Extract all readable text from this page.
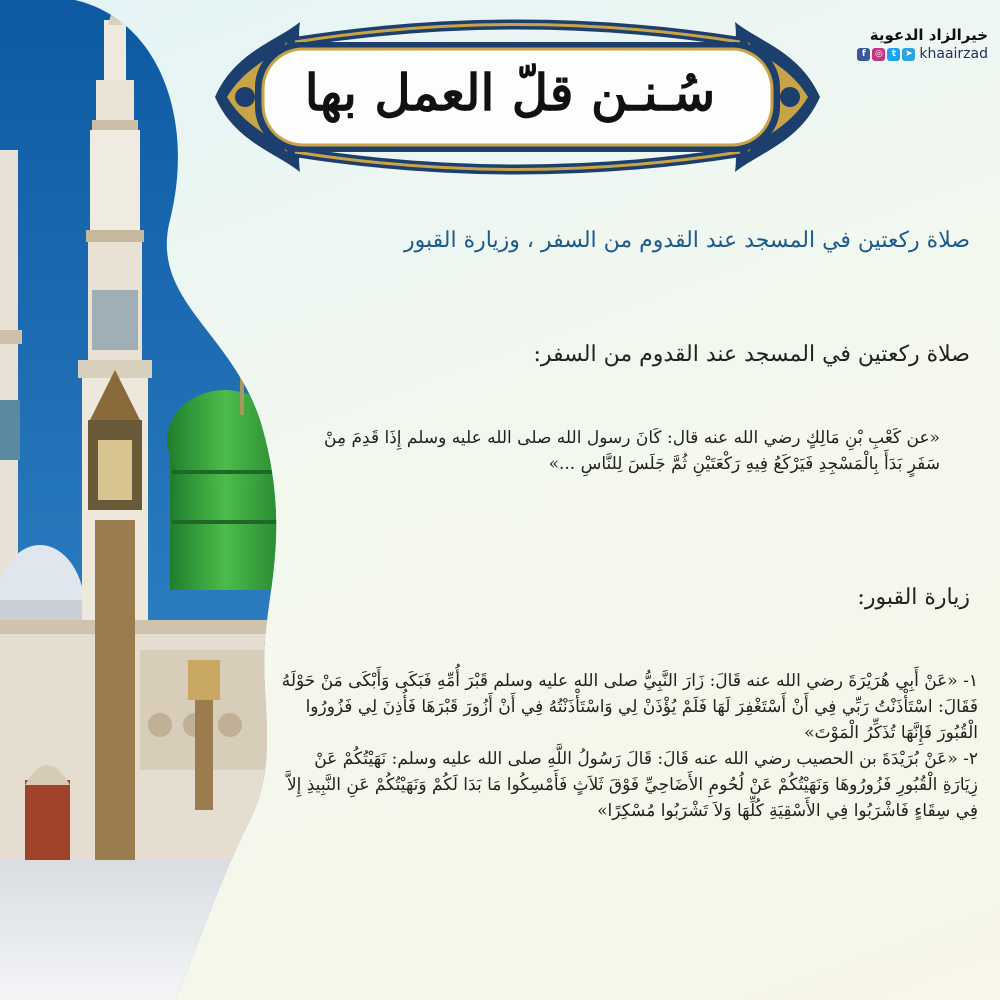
سُـنـن قلّ العمل بها
خيرالزاد الدعوية
f	◎ t	➤ khaairzad
صلاة ركعتين في المسجد عند القدوم من السفر ، وزيارة القبور
صلاة ركعتين في المسجد عند القدوم من السفر:
«عن كَعْبِ بْنِ مَالِكٍ رضي الله عنه قال: كَانَ رسول الله صلى الله عليه وسلم إِذَا قَدِمَ مِنْ سَفَرٍ بَدَأَ بِالْمَسْجِدِ فَيَرْكَعُ فِيهِ رَكْعَتَيْنِ ثُمَّ جَلَسَ لِلنَّاسِ ...»
زيارة القبور:
١- «عَنْ أَبِي هُرَيْرَةَ رضي الله عنه قَالَ: زَارَ النَّبِيُّ صلى الله عليه وسلم قَبْرَ أُمِّهِ فَبَكَى وَأَبْكَى مَنْ حَوْلَهُ فَقَالَ: اسْتَأْذَنْتُ رَبِّي فِي أَنْ أَسْتَغْفِرَ لَهَا فَلَمْ يُؤْذَنْ لِي وَاسْتَأْذَنْتُهُ فِي أَنْ أَزُورَ قَبْرَهَا فَأُذِنَ لِي فَزُورُوا الْقُبُورَ فَإِنَّهَا تُذَكِّرُ الْمَوْتَ»
٢- «عَنْ بُرَيْدَةَ بن الحصيب رضي الله عنه قَالَ: قَالَ رَسُولُ اللَّهِ صلى الله عليه وسلم: نَهَيْتُكُمْ عَنْ زِيَارَةِ الْقُبُورِ فَزُورُوهَا وَنَهَيْتُكُمْ عَنْ لُحُومِ الأَضَاحِيِّ فَوْقَ ثَلاَثٍ فَأَمْسِكُوا مَا بَدَا لَكُمْ وَنَهَيْتُكُمْ عَنِ النَّبِيذِ إِلاَّ فِي سِقَاءٍ فَاشْرَبُوا فِي الأَسْقِيَةِ كُلِّهَا وَلاَ تَشْرَبُوا مُسْكِرًا»
